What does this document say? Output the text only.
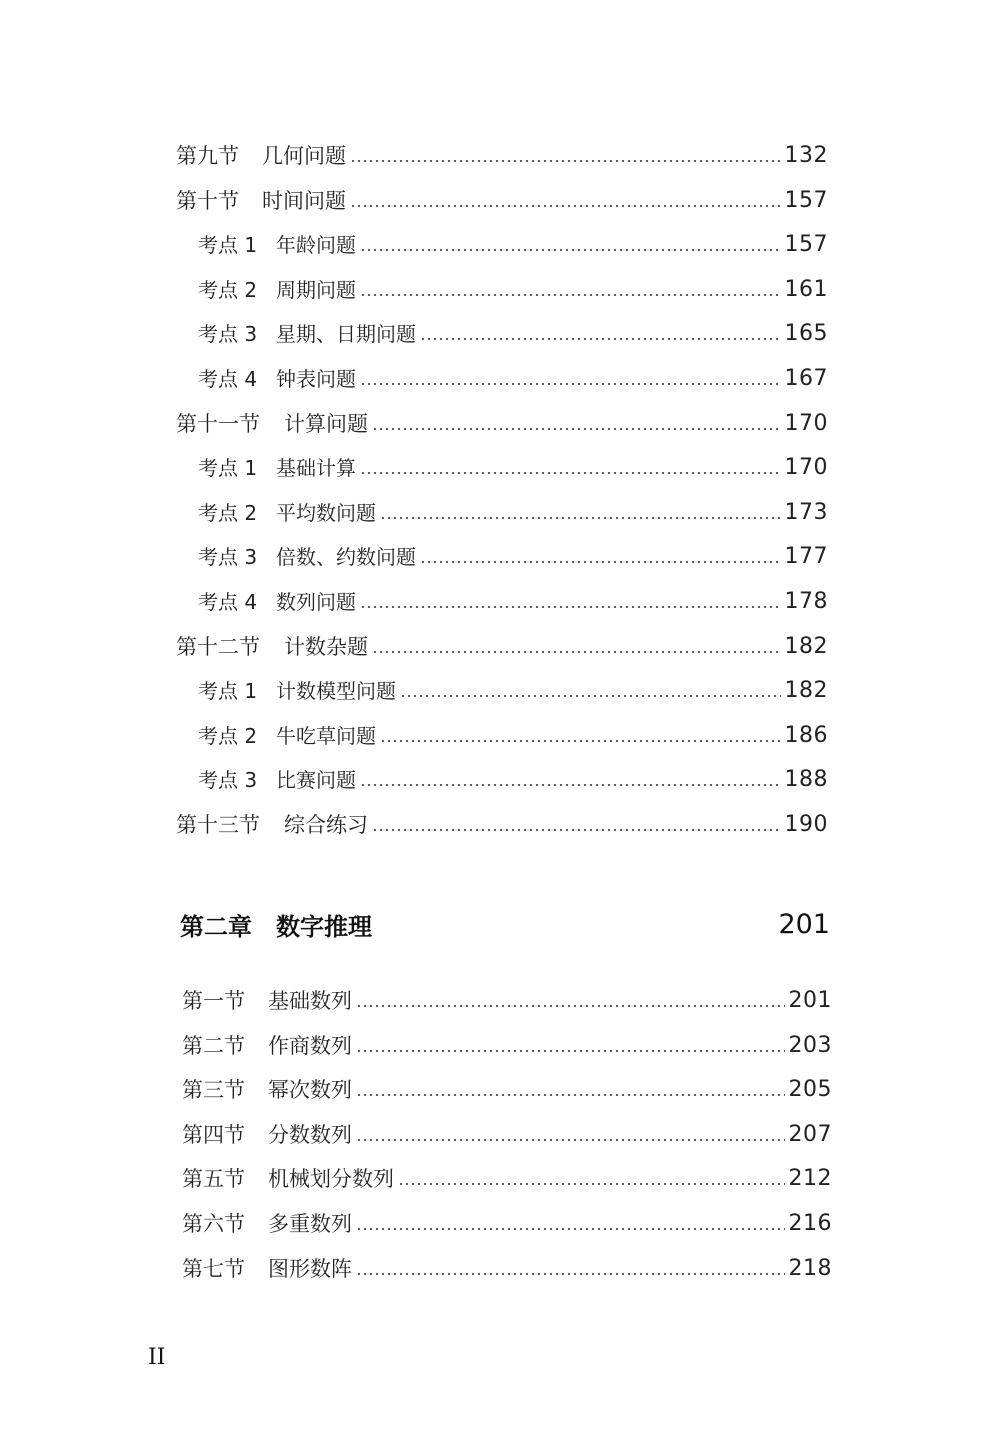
第九节	几何问题	132
第十节	时间问题	157
考点 1 年龄问题	157
考点 2 周期问题	161
考点 3 星期、日期问题	165
考点 4 钟表问题	167
第十一节	计算问题	170
考点 1 基础计算	170
考点 2 平均数问题	173
考点 3 倍数、约数问题	177
考点 4 数列问题	178
第十二节	计数杂题	182
考点 1 计数模型问题	182
考点 2 牛吃草问题	186
考点 3 比赛问题	188
第十三节	综合练习	190
第二章　数字推理	201
第一节	基础数列	201
第二节	作商数列	203
第三节	幂次数列	205
第四节	分数数列	207
第五节	机械划分数列	212
第六节	多重数列	216
第七节	图形数阵	218
II
